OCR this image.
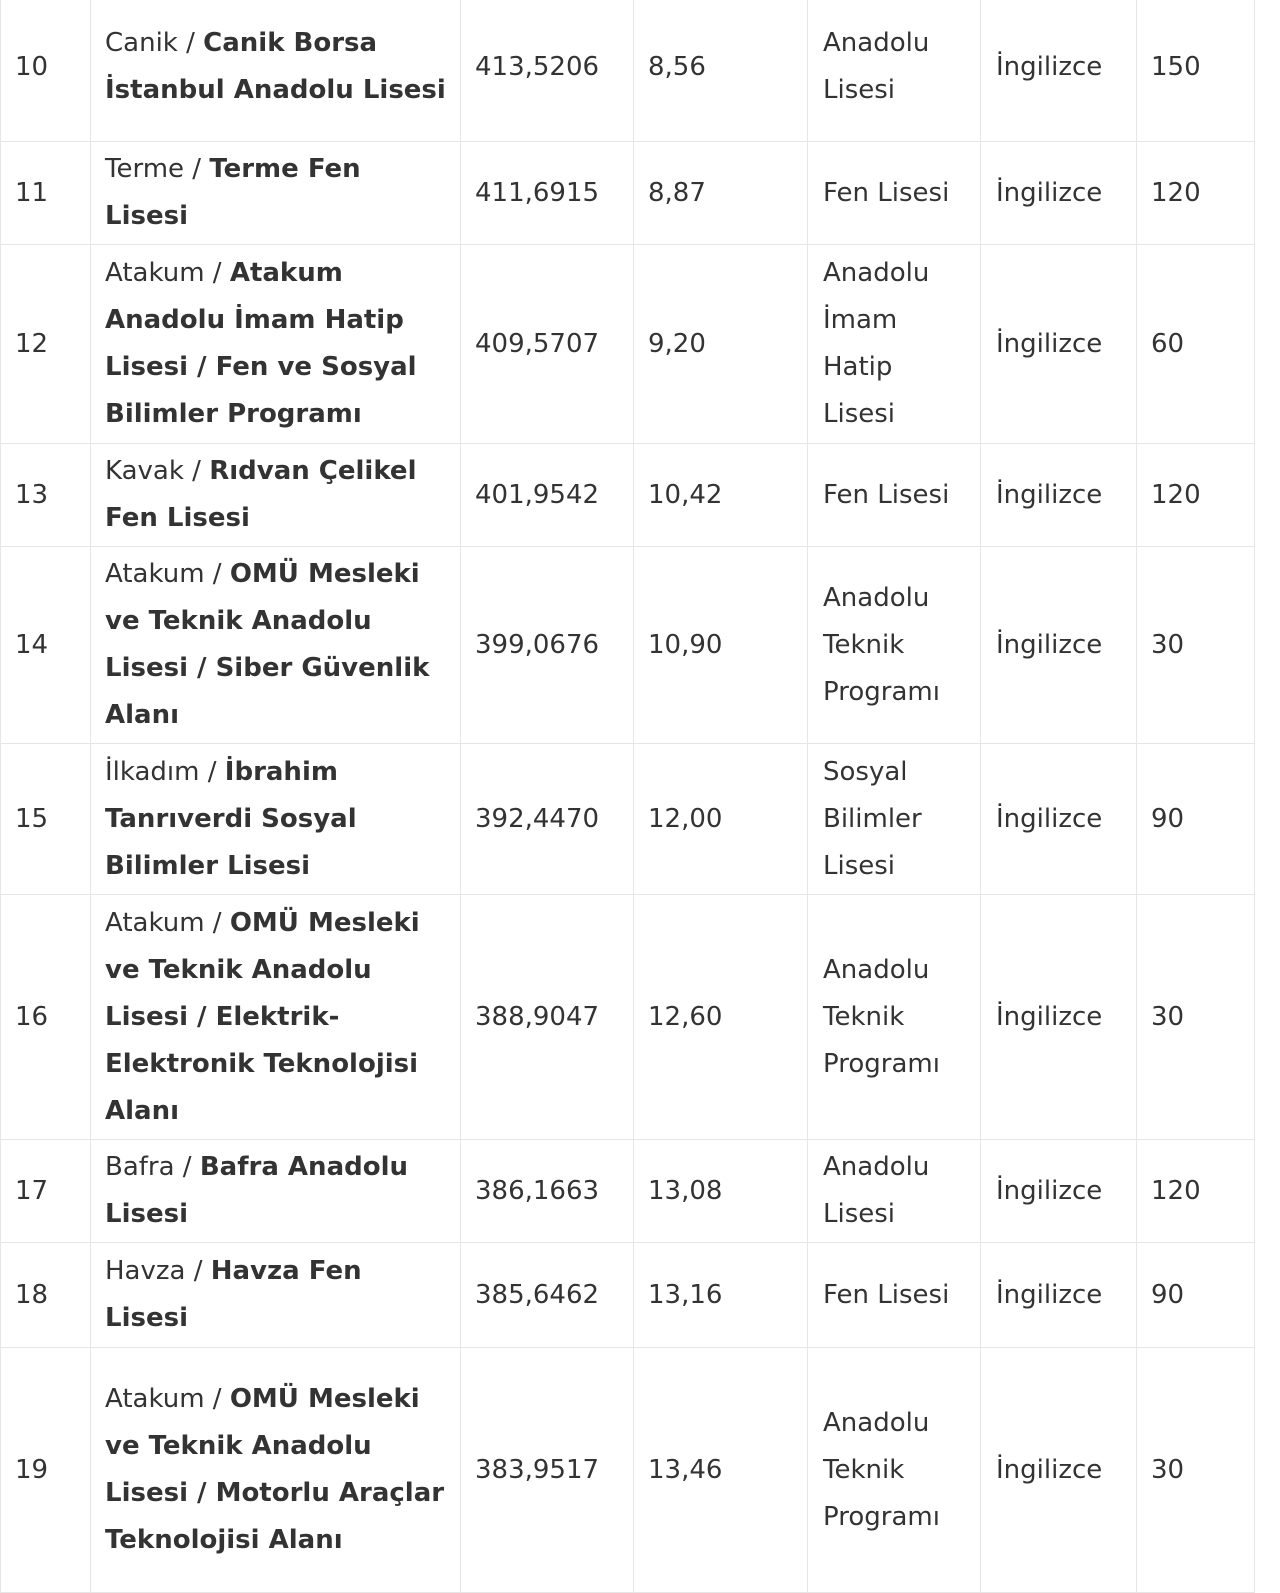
10	Canik / Canik Borsa İstanbul Anadolu Lisesi	413,5206	8,56	Anadolu Lisesi	İngilizce	150
11	Terme / Terme Fen Lisesi	411,6915	8,87	Fen Lisesi	İngilizce	120
12	Atakum / Atakum Anadolu İmam Hatip Lisesi / Fen ve Sosyal Bilimler Programı	409,5707	9,20	Anadolu İmam Hatip Lisesi	İngilizce	60
13	Kavak / Rıdvan Çelikel Fen Lisesi	401,9542	10,42	Fen Lisesi	İngilizce	120
14	Atakum / OMÜ Mesleki ve Teknik Anadolu Lisesi / Siber Güvenlik Alanı	399,0676	10,90	Anadolu Teknik Programı	İngilizce	30
15	İlkadım / İbrahim Tanrıverdi Sosyal Bilimler Lisesi	392,4470	12,00	Sosyal Bilimler Lisesi	İngilizce	90
16	Atakum / OMÜ Mesleki ve Teknik Anadolu Lisesi / Elektrik-Elektronik Teknolojisi Alanı	388,9047	12,60	Anadolu Teknik Programı	İngilizce	30
17	Bafra / Bafra Anadolu Lisesi	386,1663	13,08	Anadolu Lisesi	İngilizce	120
18	Havza / Havza Fen Lisesi	385,6462	13,16	Fen Lisesi	İngilizce	90
19	Atakum / OMÜ Mesleki ve Teknik Anadolu Lisesi / Motorlu Araçlar Teknolojisi Alanı	383,9517	13,46	Anadolu Teknik Programı	İngilizce	30
